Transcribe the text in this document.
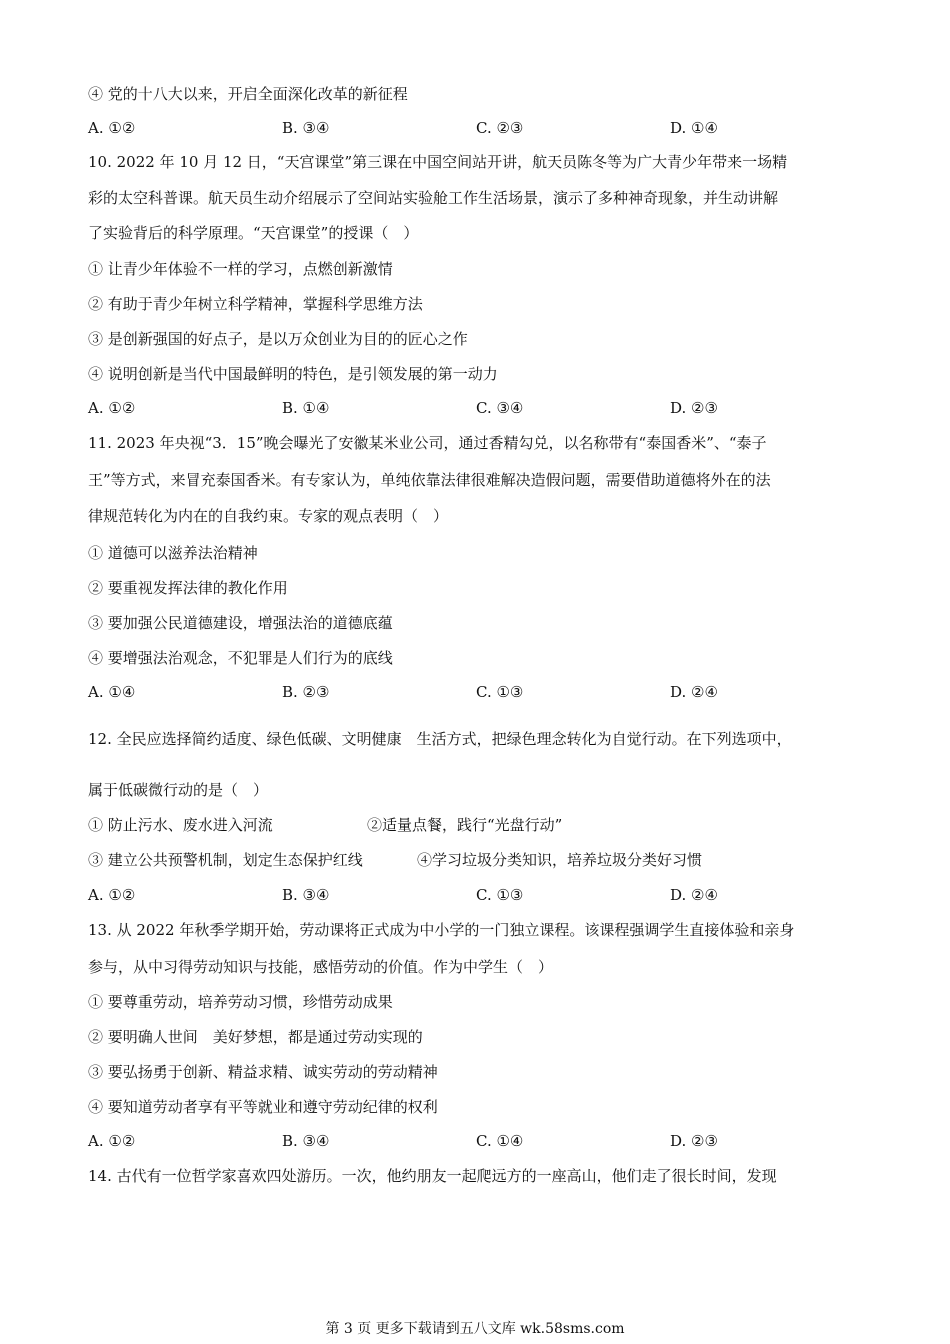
④ 党的十八大以来，开启全面深化改革的新征程
A. ①②	B. ③④	C. ②③	D. ①④
10. 2022 年 10 月 12 日，“天宫课堂”第三课在中国空间站开讲，航天员陈冬等为广大青少年带来一场精
彩的太空科普课。航天员生动介绍展示了空间站实验舱工作生活场景，演示了多种神奇现象，并生动讲解
了实验背后的科学原理。“天宫课堂”的授课（　）
① 让青少年体验不一样的学习，点燃创新激情
② 有助于青少年树立科学精神，掌握科学思维方法
③ 是创新强国的好点子，是以万众创业为目的的匠心之作
④ 说明创新是当代中国最鲜明的特色，是引领发展的第一动力
A. ①②	B. ①④	C. ③④	D. ②③
11. 2023 年央视“3．15”晚会曝光了安徽某米业公司，通过香精勾兑，以名称带有“泰国香米”、“泰子
王”等方式，来冒充泰国香米。有专家认为，单纯依靠法律很难解决造假问题，需要借助道德将外在的法
律规范转化为内在的自我约束。专家的观点表明（　）
① 道德可以滋养法治精神
② 要重视发挥法律的教化作用
③ 要加强公民道德建设，增强法治的道德底蕴
④ 要增强法治观念，不犯罪是人们行为的底线
A. ①④	B. ②③	C. ①③	D. ②④
12. 全民应选择简约适度、绿色低碳、文明健康　生活方式，把绿色理念转化为自觉行动。在下列选项中，
属于低碳微行动的是（　）
① 防止污水、废水进入河流	②适量点餐，践行“光盘行动”
③ 建立公共预警机制，划定生态保护红线	④学习垃圾分类知识，培养垃圾分类好习惯
A. ①②	B. ③④	C. ①③	D. ②④
13. 从 2022 年秋季学期开始，劳动课将正式成为中小学的一门独立课程。该课程强调学生直接体验和亲身
参与，从中习得劳动知识与技能，感悟劳动的价值。作为中学生（　）
① 要尊重劳动，培养劳动习惯，珍惜劳动成果
② 要明确人世间　美好梦想，都是通过劳动实现的
③ 要弘扬勇于创新、精益求精、诚实劳动的劳动精神
④ 要知道劳动者享有平等就业和遵守劳动纪律的权利
A. ①②	B. ③④	C. ①④	D. ②③
14. 古代有一位哲学家喜欢四处游历。一次，他约朋友一起爬远方的一座高山，他们走了很长时间，发现
第 3 页 更多下载请到五八文库 wk.58sms.com
